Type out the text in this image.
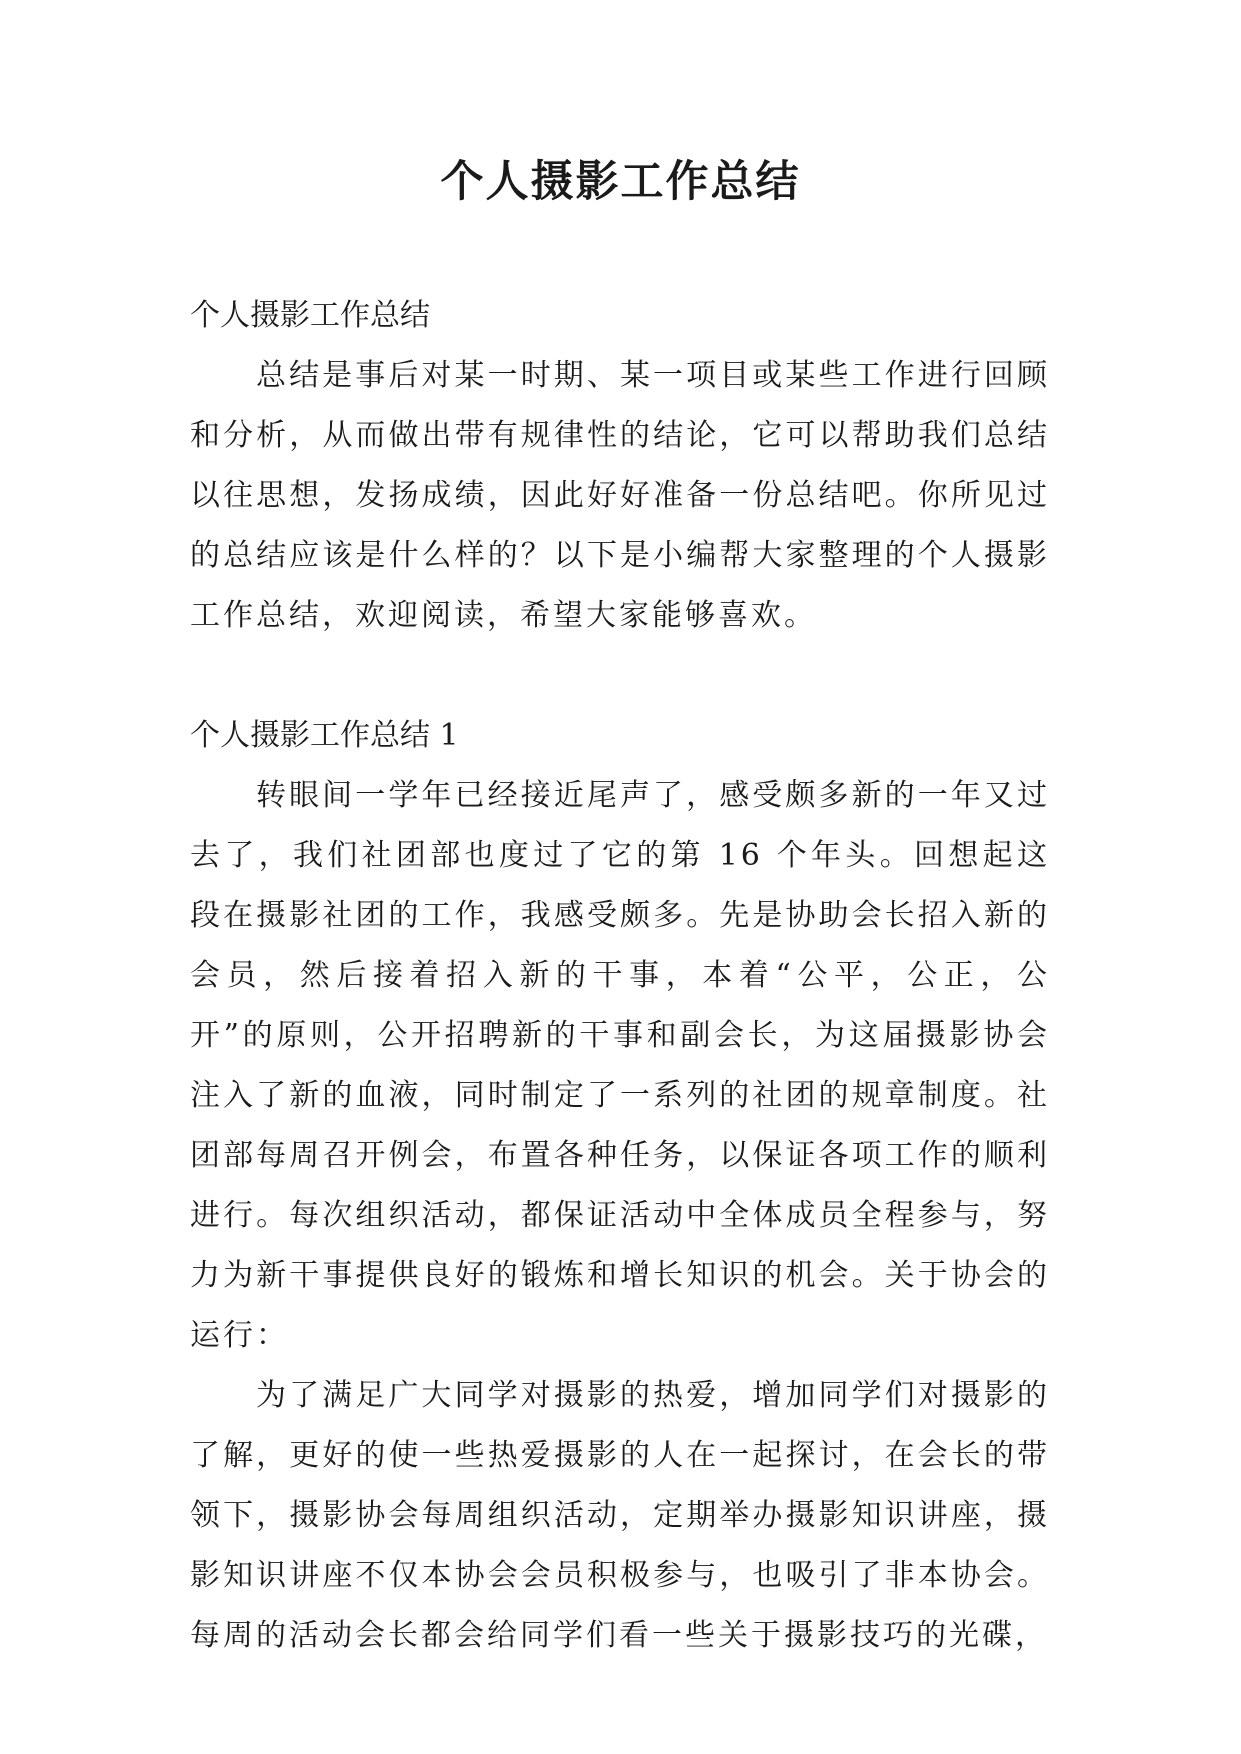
个人摄影工作总结

个人摄影工作总结

总结是事后对某一时期、某一项目或某些工作进行回顾和分析，从而做出带有规律性的结论，它可以帮助我们总结以往思想，发扬成绩，因此好好准备一份总结吧。你所见过的总结应该是什么样的？以下是小编帮大家整理的个人摄影工作总结，欢迎阅读，希望大家能够喜欢。

个人摄影工作总结 1

转眼间一学年已经接近尾声了，感受颇多新的一年又过去了，我们社团部也度过了它的第 16 个年头。回想起这段在摄影社团的工作，我感受颇多。先是协助会长招入新的会员，然后接着招入新的干事，本着“公平，公正，公开”的原则，公开招聘新的干事和副会长，为这届摄影协会注入了新的血液，同时制定了一系列的社团的规章制度。社团部每周召开例会，布置各种任务，以保证各项工作的顺利进行。每次组织活动，都保证活动中全体成员全程参与，努力为新干事提供良好的锻炼和增长知识的机会。关于协会的运行：

为了满足广大同学对摄影的热爱，增加同学们对摄影的了解，更好的使一些热爱摄影的人在一起探讨，在会长的带领下，摄影协会每周组织活动，定期举办摄影知识讲座，摄影知识讲座不仅本协会会员积极参与，也吸引了非本协会。每周的活动会长都会给同学们看一些关于摄影技巧的光碟，
